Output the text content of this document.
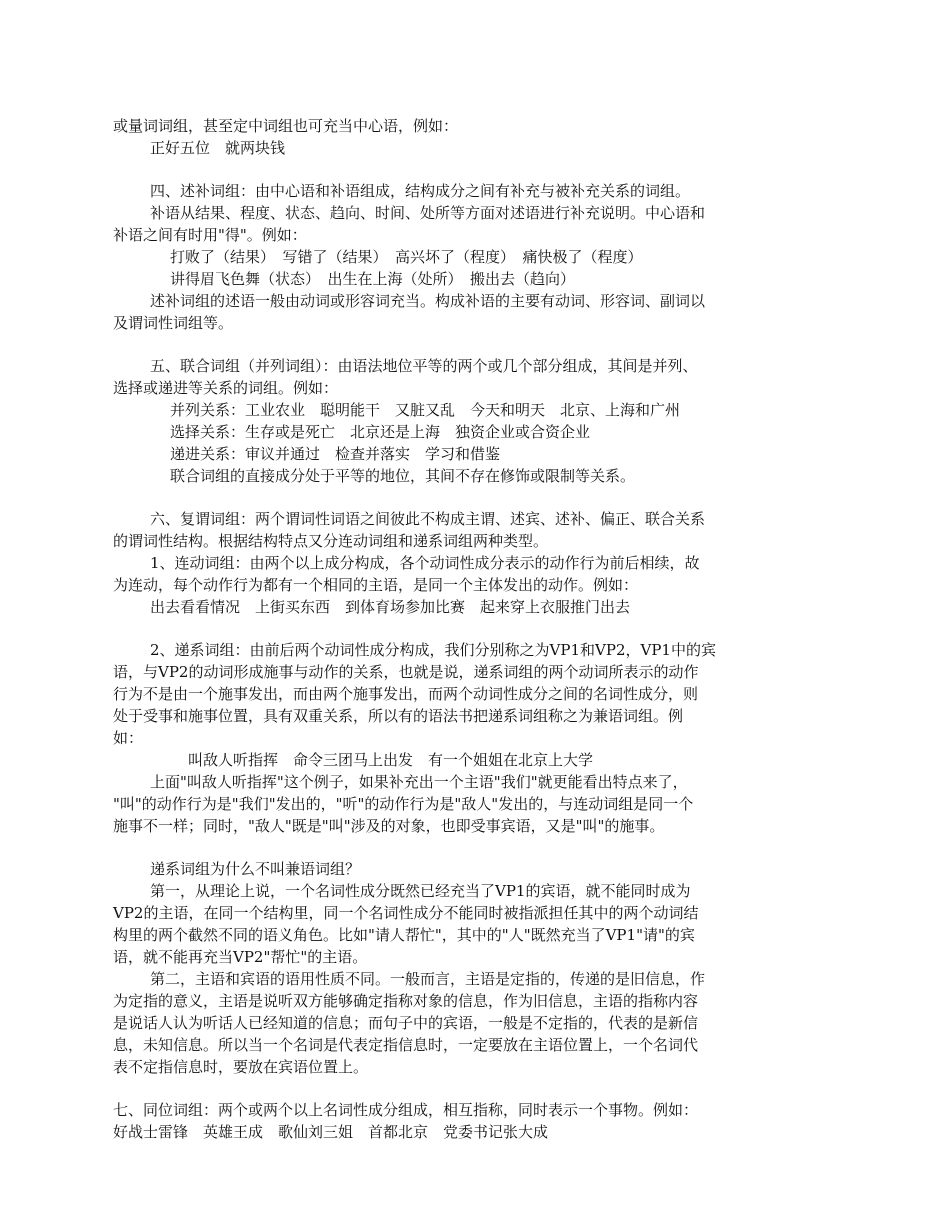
或量词词组，甚至定中词组也可充当中心语，例如：
正好五位　就两块钱
四、述补词组：由中心语和补语组成，结构成分之间有补充与被补充关系的词组。
补语从结果、程度、状态、趋向、时间、处所等方面对述语进行补充说明。中心语和
补语之间有时用"得"。例如：
打败了（结果）　写错了（结果）　高兴坏了（程度）　痛快极了（程度）
讲得眉飞色舞（状态）　出生在上海（处所）　搬出去（趋向）
述补词组的述语一般由动词或形容词充当。构成补语的主要有动词、形容词、副词以
及谓词性词组等。
五、联合词组（并列词组）：由语法地位平等的两个或几个部分组成，其间是并列、
选择或递进等关系的词组。例如：
并列关系：工业农业　聪明能干　又脏又乱　今天和明天　北京、上海和广州
选择关系：生存或是死亡　北京还是上海　独资企业或合资企业
递进关系：审议并通过　检查并落实　学习和借鉴
联合词组的直接成分处于平等的地位，其间不存在修饰或限制等关系。
六、复谓词组：两个谓词性词语之间彼此不构成主谓、述宾、述补、偏正、联合关系
的谓词性结构。根据结构特点又分连动词组和递系词组两种类型。
1、连动词组：由两个以上成分构成，各个动词性成分表示的动作行为前后相续，故
为连动，每个动作行为都有一个相同的主语，是同一个主体发出的动作。例如：
出去看看情况　上街买东西　到体育场参加比赛　起来穿上衣服推门出去
2、递系词组：由前后两个动词性成分构成，我们分别称之为VP1和VP2，VP1中的宾
语，与VP2的动词形成施事与动作的关系，也就是说，递系词组的两个动词所表示的动作
行为不是由一个施事发出，而由两个施事发出，而两个动词性成分之间的名词性成分，则
处于受事和施事位置，具有双重关系，所以有的语法书把递系词组称之为兼语词组。例
如：
叫敌人听指挥　命令三团马上出发　有一个姐姐在北京上大学
上面"叫敌人听指挥"这个例子，如果补充出一个主语"我们"就更能看出特点来了，
"叫"的动作行为是"我们"发出的，"听"的动作行为是"敌人"发出的，与连动词组是同一个
施事不一样；同时，"敌人"既是"叫"涉及的对象，也即受事宾语，又是"叫"的施事。
递系词组为什么不叫兼语词组？
第一，从理论上说，一个名词性成分既然已经充当了VP1的宾语，就不能同时成为
VP2的主语，在同一个结构里，同一个名词性成分不能同时被指派担任其中的两个动词结
构里的两个截然不同的语义角色。比如"请人帮忙"，其中的"人"既然充当了VP1"请"的宾
语，就不能再充当VP2"帮忙"的主语。
第二，主语和宾语的语用性质不同。一般而言，主语是定指的，传递的是旧信息，作
为定指的意义，主语是说听双方能够确定指称对象的信息，作为旧信息，主语的指称内容
是说话人认为听话人已经知道的信息；而句子中的宾语，一般是不定指的，代表的是新信
息，未知信息。所以当一个名词是代表定指信息时，一定要放在主语位置上，一个名词代
表不定指信息时，要放在宾语位置上。
七、同位词组：两个或两个以上名词性成分组成，相互指称，同时表示一个事物。例如：
好战士雷锋　英雄王成　歌仙刘三姐　首都北京　党委书记张大成
